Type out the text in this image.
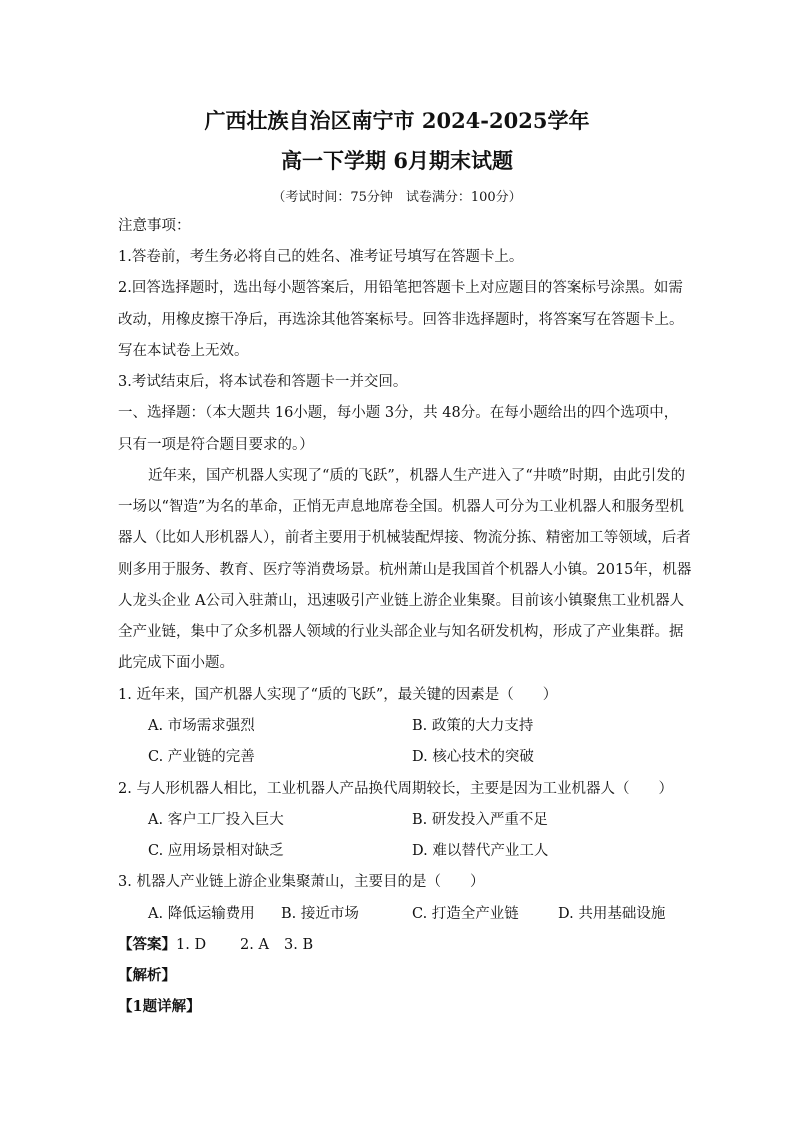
广西壮族自治区南宁市 2024-2025学年
高一下学期 6月期末试题
（考试时间：75分钟　试卷满分：100分）
注意事项：
1.答卷前，考生务必将自己的姓名、准考证号填写在答题卡上。
2.回答选择题时，选出每小题答案后，用铅笔把答题卡上对应题目的答案标号涂黑。如需
改动，用橡皮擦干净后，再选涂其他答案标号。回答非选择题时，将答案写在答题卡上。
写在本试卷上无效。
3.考试结束后，将本试卷和答题卡一并交回。
一、选择题：（本大题共 16小题，每小题 3分，共 48分。在每小题给出的四个选项中，
只有一项是符合题目要求的。）
近年来，国产机器人实现了“质的飞跃”，机器人生产进入了“井喷”时期，由此引发的
一场以“智造”为名的革命，正悄无声息地席卷全国。机器人可分为工业机器人和服务型机
器人（比如人形机器人），前者主要用于机械装配焊接、物流分拣、精密加工等领域，后者
则多用于服务、教育、医疗等消费场景。杭州萧山是我国首个机器人小镇。2015年，机器
人龙头企业 A公司入驻萧山，迅速吸引产业链上游企业集聚。目前该小镇聚焦工业机器人
全产业链，集中了众多机器人领域的行业头部企业与知名研发机构，形成了产业集群。据
此完成下面小题。
1. 近年来，国产机器人实现了“质的飞跃”，最关键的因素是（　　）
A. 市场需求强烈	B. 政策的大力支持
C. 产业链的完善	D. 核心技术的突破
2. 与人形机器人相比，工业机器人产品换代周期较长，主要是因为工业机器人（　　）
A. 客户工厂投入巨大	B. 研发投入严重不足
C. 应用场景相对缺乏	D. 难以替代产业工人
3. 机器人产业链上游企业集聚萧山，主要目的是（　　）
A. 降低运输费用 B. 接近市场	C. 打造全产业链	D. 共用基础设施
【答案】 1. D 2. A 3. B
【解析】
【1题详解】
